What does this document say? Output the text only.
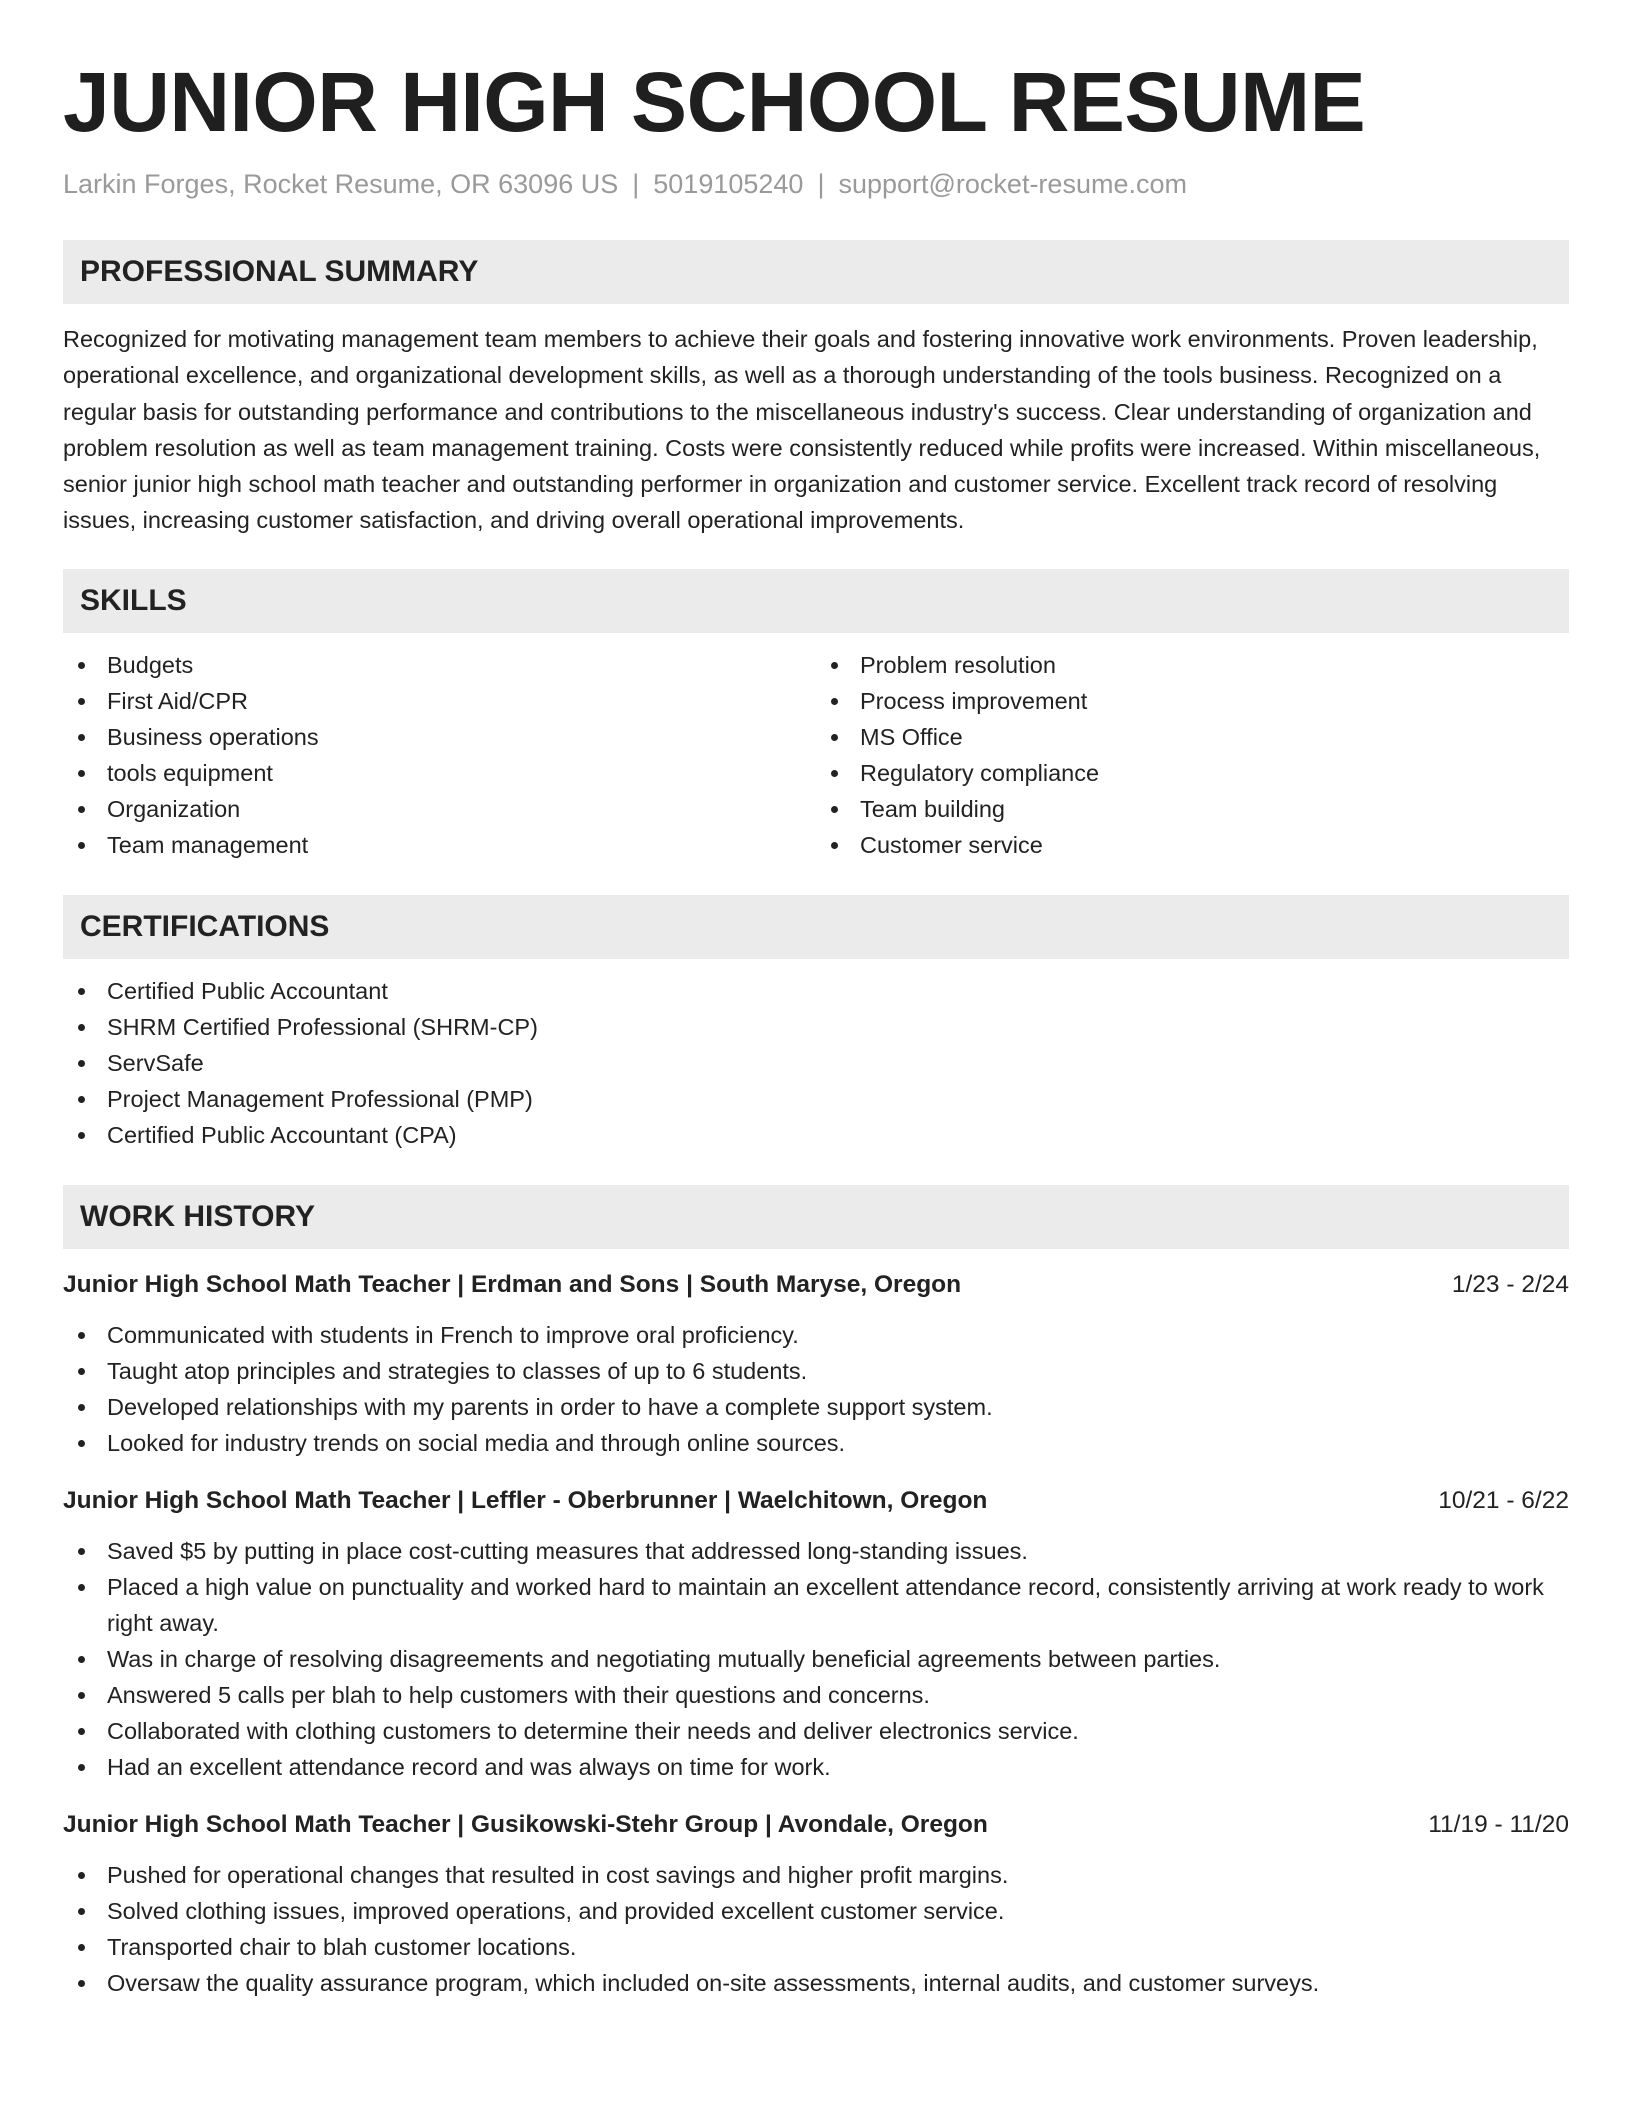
JUNIOR HIGH SCHOOL RESUME
Larkin Forges, Rocket Resume, OR 63096 US | 5019105240 | support@rocket-resume.com
PROFESSIONAL SUMMARY

Recognized for motivating management team members to achieve their goals and fostering innovative work environments. Proven leadership, operational excellence, and organizational development skills, as well as a thorough understanding of the tools business. Recognized on a regular basis for outstanding performance and contributions to the miscellaneous industry's success. Clear understanding of organization and problem resolution as well as team management training. Costs were consistently reduced while profits were increased. Within miscellaneous, senior junior high school math teacher and outstanding performer in organization and customer service. Excellent track record of resolving issues, increasing customer satisfaction, and driving overall operational improvements.

SKILLS
Budgets
First Aid/CPR
Business operations
tools equipment
Organization
Team management
Problem resolution
Process improvement
MS Office
Regulatory compliance
Team building
Customer service
CERTIFICATIONS
Certified Public Accountant
SHRM Certified Professional (SHRM-CP)
ServSafe
Project Management Professional (PMP)
Certified Public Accountant (CPA)
WORK HISTORY
Junior High School Math Teacher | Erdman and Sons | South Maryse, Oregon	1/23 - 2/24
Communicated with students in French to improve oral proficiency.
Taught atop principles and strategies to classes of up to 6 students.
Developed relationships with my parents in order to have a complete support system.
Looked for industry trends on social media and through online sources.
Junior High School Math Teacher | Leffler - Oberbrunner | Waelchitown, Oregon	10/21 - 6/22
Saved $5 by putting in place cost-cutting measures that addressed long-standing issues.
Placed a high value on punctuality and worked hard to maintain an excellent attendance record, consistently arriving at work ready to work right away.
Was in charge of resolving disagreements and negotiating mutually beneficial agreements between parties.
Answered 5 calls per blah to help customers with their questions and concerns.
Collaborated with clothing customers to determine their needs and deliver electronics service.
Had an excellent attendance record and was always on time for work.
Junior High School Math Teacher | Gusikowski-Stehr Group | Avondale, Oregon	11/19 - 11/20
Pushed for operational changes that resulted in cost savings and higher profit margins.
Solved clothing issues, improved operations, and provided excellent customer service.
Transported chair to blah customer locations.
Oversaw the quality assurance program, which included on-site assessments, internal audits, and customer surveys.
